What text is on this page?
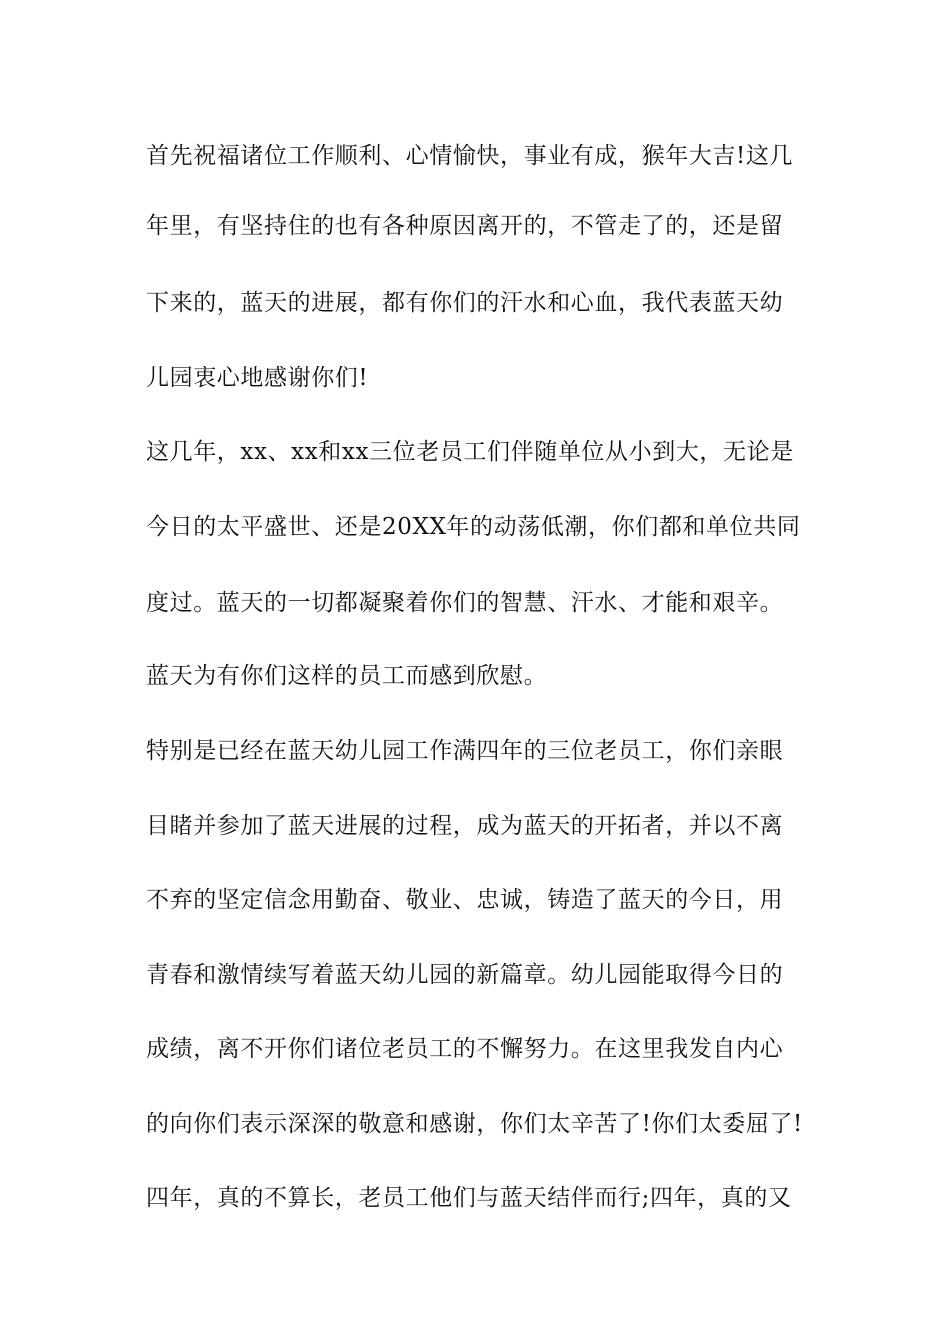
首先祝福诸位工作顺利、心情愉快，事业有成，猴年大吉!这几
年里，有坚持住的也有各种原因离开的，不管走了的，还是留
下来的，蓝天的进展，都有你们的汗水和心血，我代表蓝天幼
儿园衷心地感谢你们!
这几年，xx、xx和xx三位老员工们伴随单位从小到大，无论是
今日的太平盛世、还是20XX年的动荡低潮，你们都和单位共同
度过。蓝天的一切都凝聚着你们的智慧、汗水、才能和艰辛。
蓝天为有你们这样的员工而感到欣慰。
特别是已经在蓝天幼儿园工作满四年的三位老员工，你们亲眼
目睹并参加了蓝天进展的过程，成为蓝天的开拓者，并以不离
不弃的坚定信念用勤奋、敬业、忠诚，铸造了蓝天的今日，用
青春和激情续写着蓝天幼儿园的新篇章。幼儿园能取得今日的
成绩，离不开你们诸位老员工的不懈努力。在这里我发自内心
的向你们表示深深的敬意和感谢，你们太辛苦了!你们太委屈了!
四年，真的不算长，老员工他们与蓝天结伴而行;四年，真的又
